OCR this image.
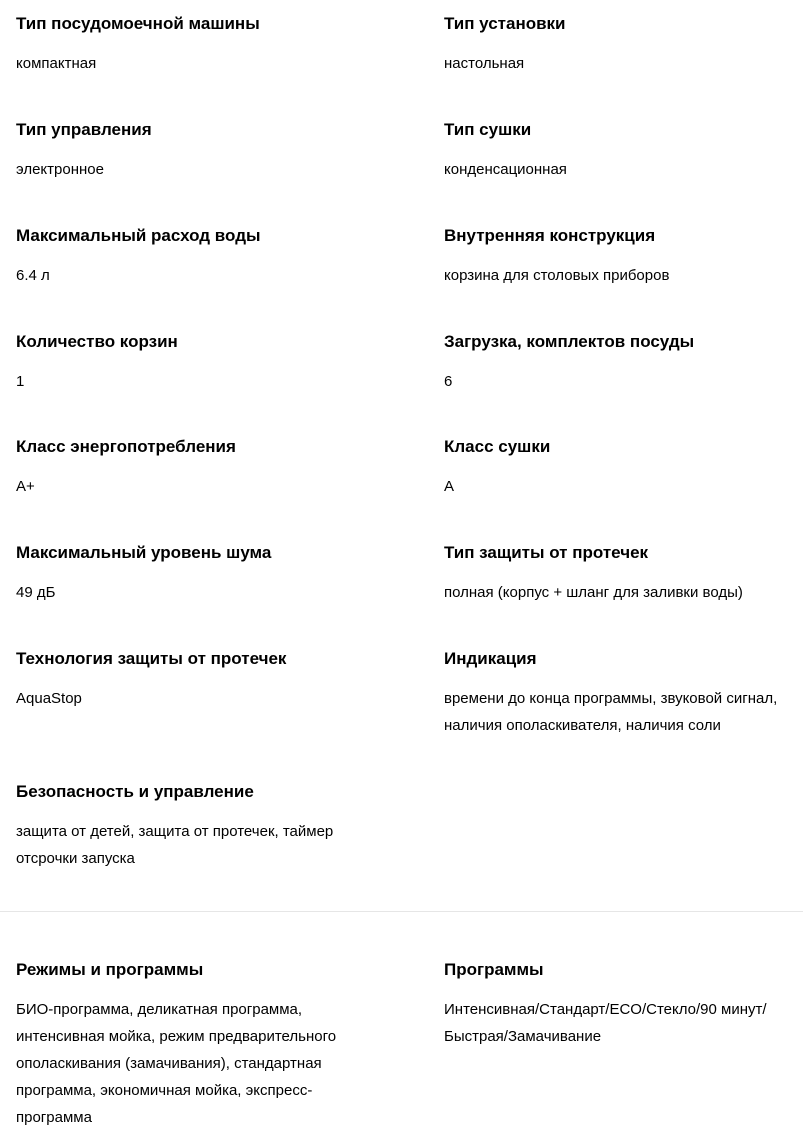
Тип посудомоечной машины
компактная
Тип установки
настольная
Тип управления
электронное
Тип сушки
конденсационная
Максимальный расход воды
6.4 л
Внутренняя конструкция
корзина для столовых приборов
Количество корзин
1
Загрузка, комплектов посуды
6
Класс энергопотребления
A+
Класс сушки
A
Максимальный уровень шума
49 дБ
Тип защиты от протечек
полная (корпус + шланг для заливки воды)
Технология защиты от протечек
AquaStop
Индикация
времени до конца программы, звуковой сигнал, наличия ополаскивателя, наличия соли
Безопасность и управление
защита от детей, защита от протечек, таймер отсрочки запуска
Режимы и программы
БИО-программа, деликатная программа, интенсивная мойка, режим предварительного ополаскивания (замачивания), стандартная программа, экономичная мойка, экспресс-программа
Программы
Интенсивная/Стандарт/ECO/Стекло/90 минут/Быстрая/Замачивание
